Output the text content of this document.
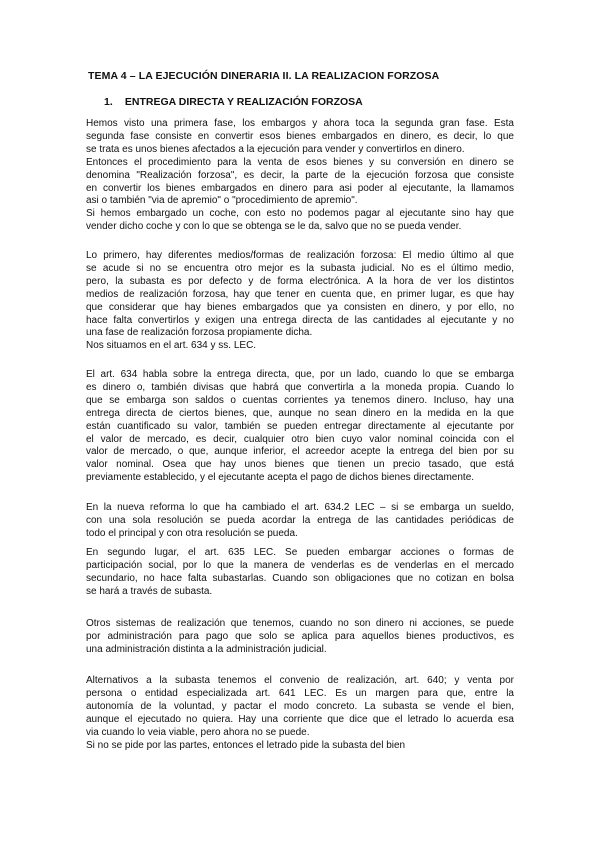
TEMA 4 – LA EJECUCIÓN DINERARIA II. LA REALIZACION FORZOSA
1. ENTREGA DIRECTA Y REALIZACIÓN FORZOSA
Hemos visto una primera fase, los embargos y ahora toca la segunda gran fase. Esta
segunda fase consiste en convertir esos bienes embargados en dinero, es decir, lo que
se trata es unos bienes afectados a la ejecución para vender y convertirlos en dinero.
Entonces el procedimiento para la venta de esos bienes y su conversión en dinero se
denomina "Realización forzosa", es decir, la parte de la ejecución forzosa que consiste
en convertir los bienes embargados en dinero para asi poder al ejecutante, la llamamos
asi o también "via de apremio" o "procedimiento de apremio".
Si hemos embargado un coche, con esto no podemos pagar al ejecutante sino hay que
vender dicho coche y con lo que se obtenga se le da, salvo que no se pueda vender.
Lo primero, hay diferentes medios/formas de realización forzosa: El medio último al que
se acude si no se encuentra otro mejor es la subasta judicial. No es el último medio,
pero, la subasta es por defecto y de forma electrónica. A la hora de ver los distintos
medios de realización forzosa, hay que tener en cuenta que, en primer lugar, es que hay
que considerar que hay bienes embargados que ya consisten en dinero, y por ello, no
hace falta convertirlos y exigen una entrega directa de las cantidades al ejecutante y no
una fase de realización forzosa propiamente dicha.
Nos situamos en el art. 634 y ss. LEC.
El art. 634 habla sobre la entrega directa, que, por un lado, cuando lo que se embarga
es dinero o, también divisas que habrá que convertirla a la moneda propia. Cuando lo
que se embarga son saldos o cuentas corrientes ya tenemos dinero. Incluso, hay una
entrega directa de ciertos bienes, que, aunque no sean dinero en la medida en la que
están cuantificado su valor, también se pueden entregar directamente al ejecutante por
el valor de mercado, es decir, cualquier otro bien cuyo valor nominal coincida con el
valor de mercado, o que, aunque inferior, el acreedor acepte la entrega del bien por su
valor nominal. Osea que hay unos bienes que tienen un precio tasado, que está
previamente establecido, y el ejecutante acepta el pago de dichos bienes directamente.
En la nueva reforma lo que ha cambiado el art. 634.2 LEC – si se embarga un sueldo,
con una sola resolución se pueda acordar la entrega de las cantidades periódicas de
todo el principal y con otra resolución se pueda.
En segundo lugar, el art. 635 LEC. Se pueden embargar acciones o formas de
participación social, por lo que la manera de venderlas es de venderlas en el mercado
secundario, no hace falta subastarlas. Cuando son obligaciones que no cotizan en bolsa
se hará a través de subasta.
Otros sistemas de realización que tenemos, cuando no son dinero ni acciones, se puede
por administración para pago que solo se aplica para aquellos bienes productivos, es
una administración distinta a la administración judicial.
Alternativos a la subasta tenemos el convenio de realización, art. 640; y venta por
persona o entidad especializada art. 641 LEC. Es un margen para que, entre la
autonomía de la voluntad, y pactar el modo concreto. La subasta se vende el bien,
aunque el ejecutado no quiera. Hay una corriente que dice que el letrado lo acuerda esa
via cuando lo veia viable, pero ahora no se puede.
Si no se pide por las partes, entonces el letrado pide la subasta del bien
